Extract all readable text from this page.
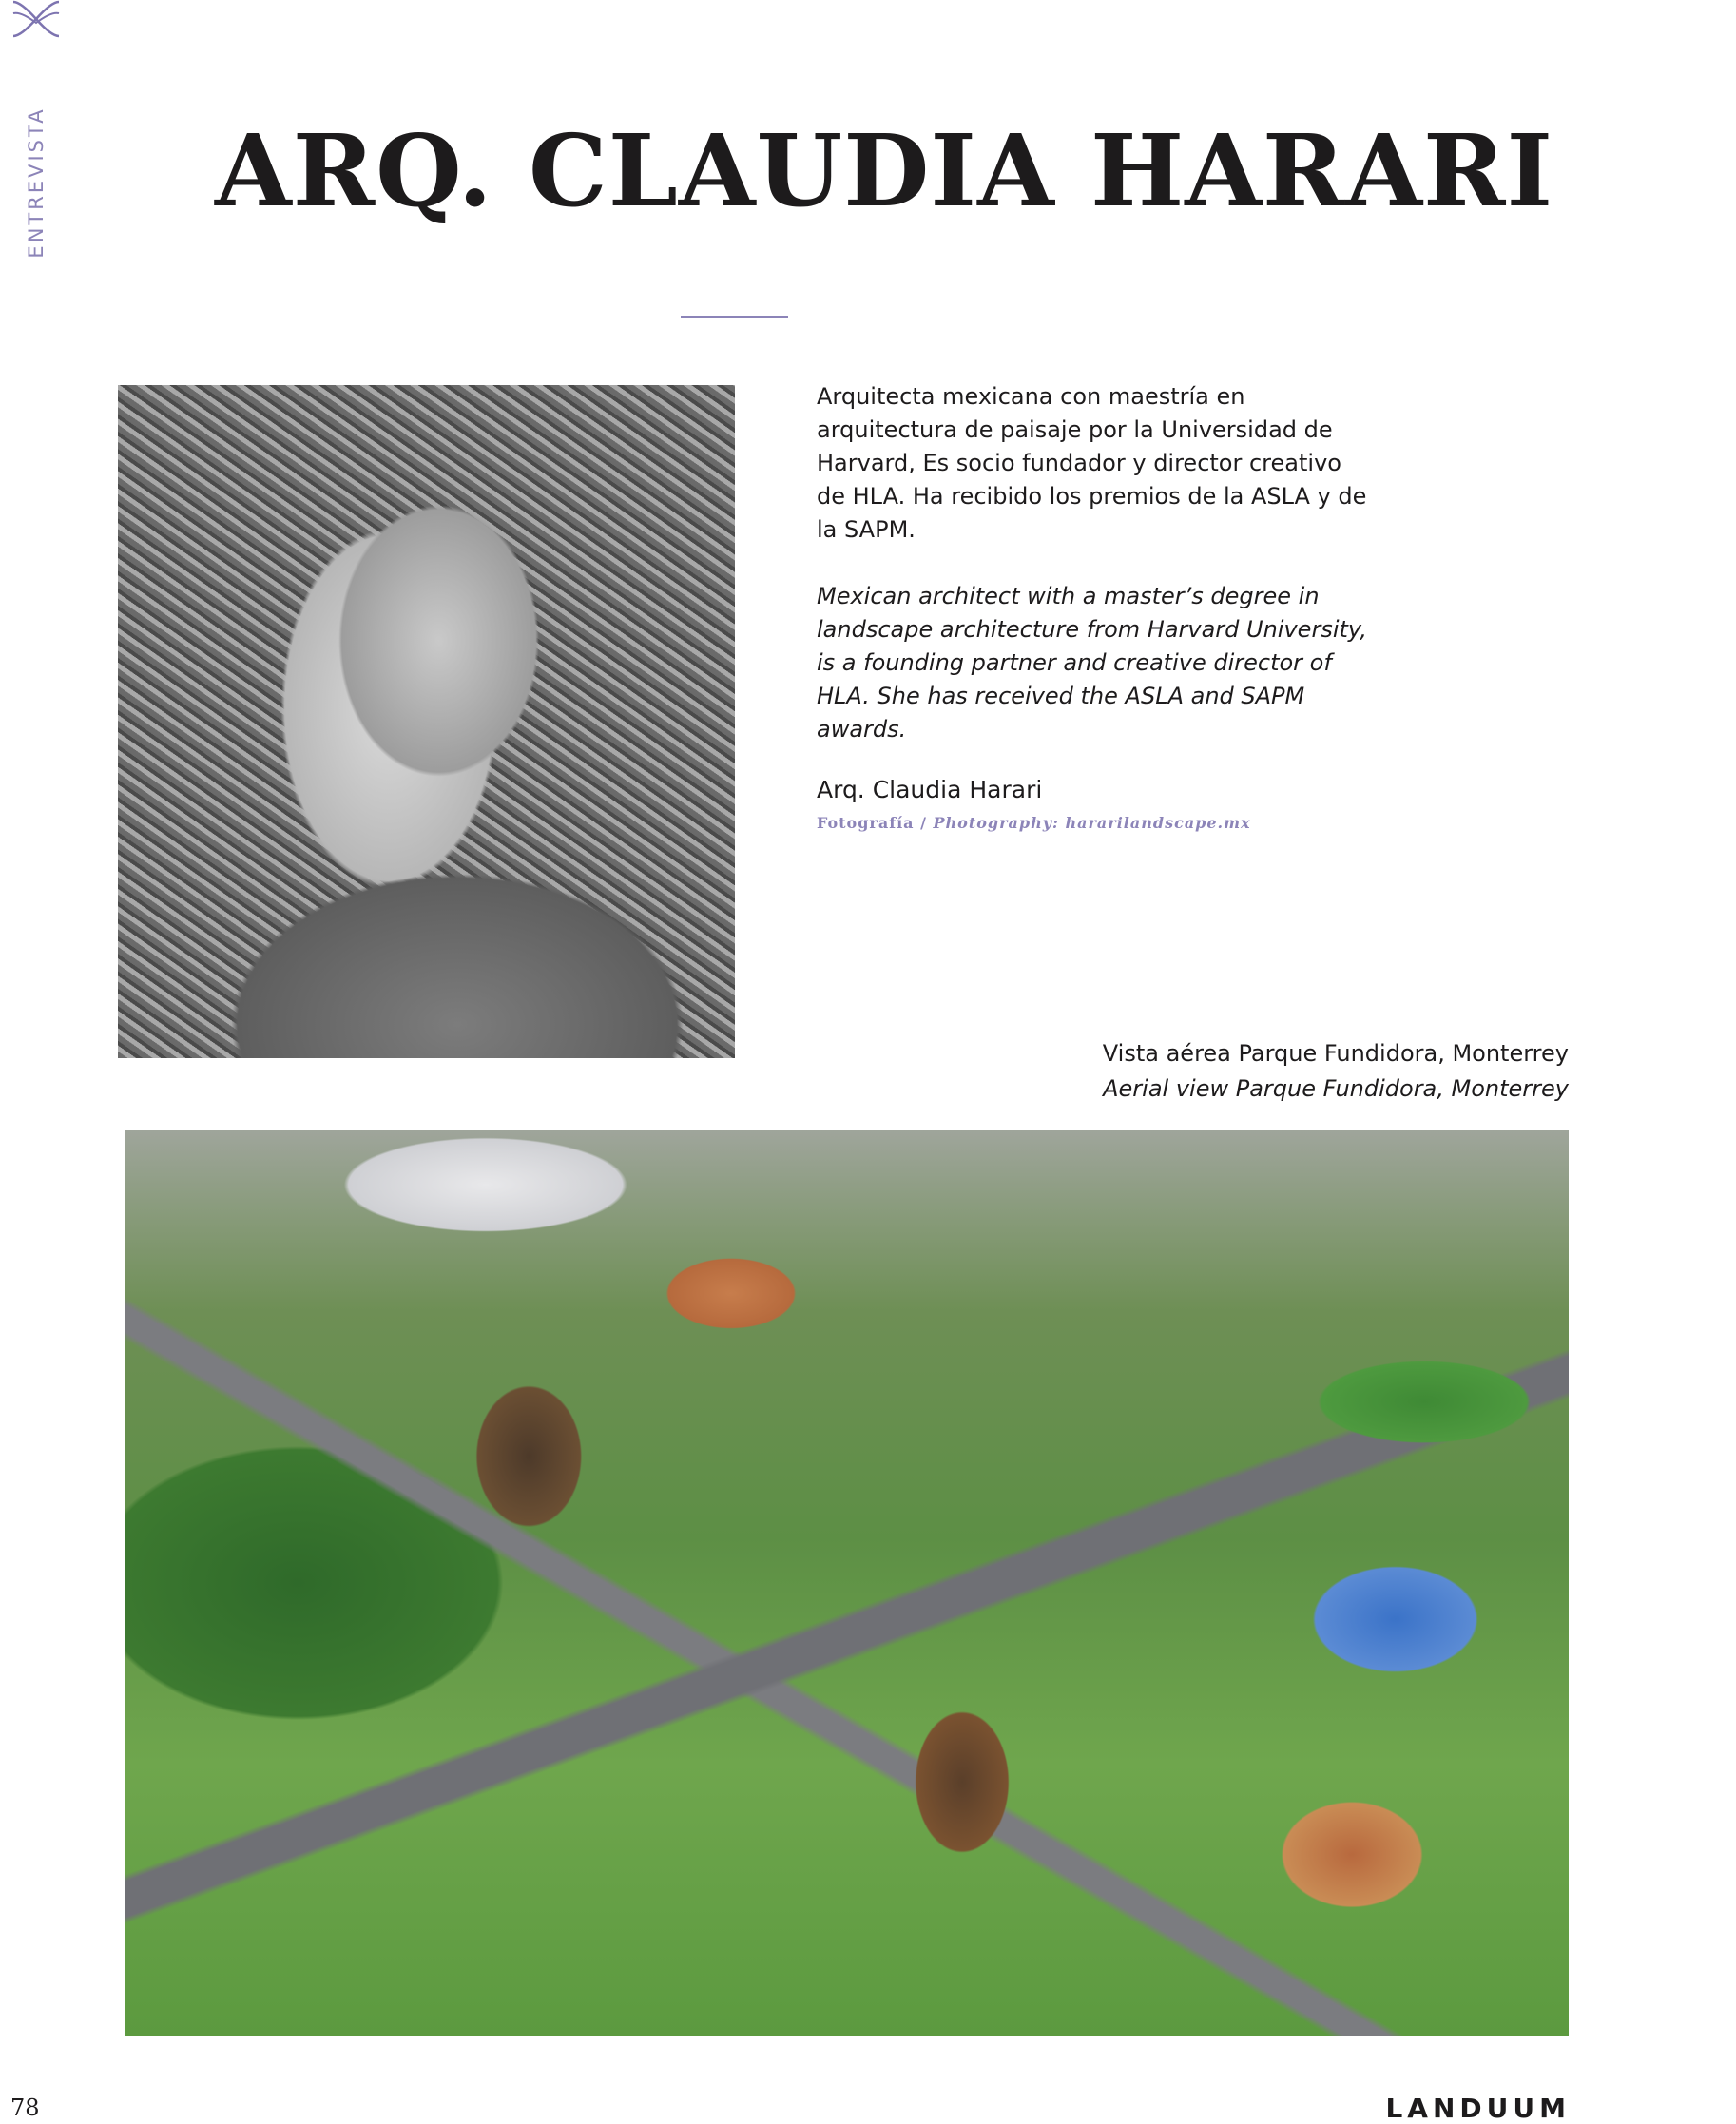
ENTREVISTA ARQ. CLAUDIA HARARI

Arquitecta mexicana con maestría en arquitectura de paisaje por la Universidad de Harvard, Es socio fundador y director creativo de HLA. Ha recibido los premios de la ASLA y de la SAPM.

Mexican architect with a master’s degree in landscape architecture from Harvard University, is a founding partner and creative director of HLA. She has received the ASLA and SAPM awards.

Arq. Claudia Harari
Fotografía / Photography: hararilandscape.mx
Vista aérea Parque Fundidora, Monterrey
Aerial view Parque Fundidora, Monterrey
78	LANDUUM
